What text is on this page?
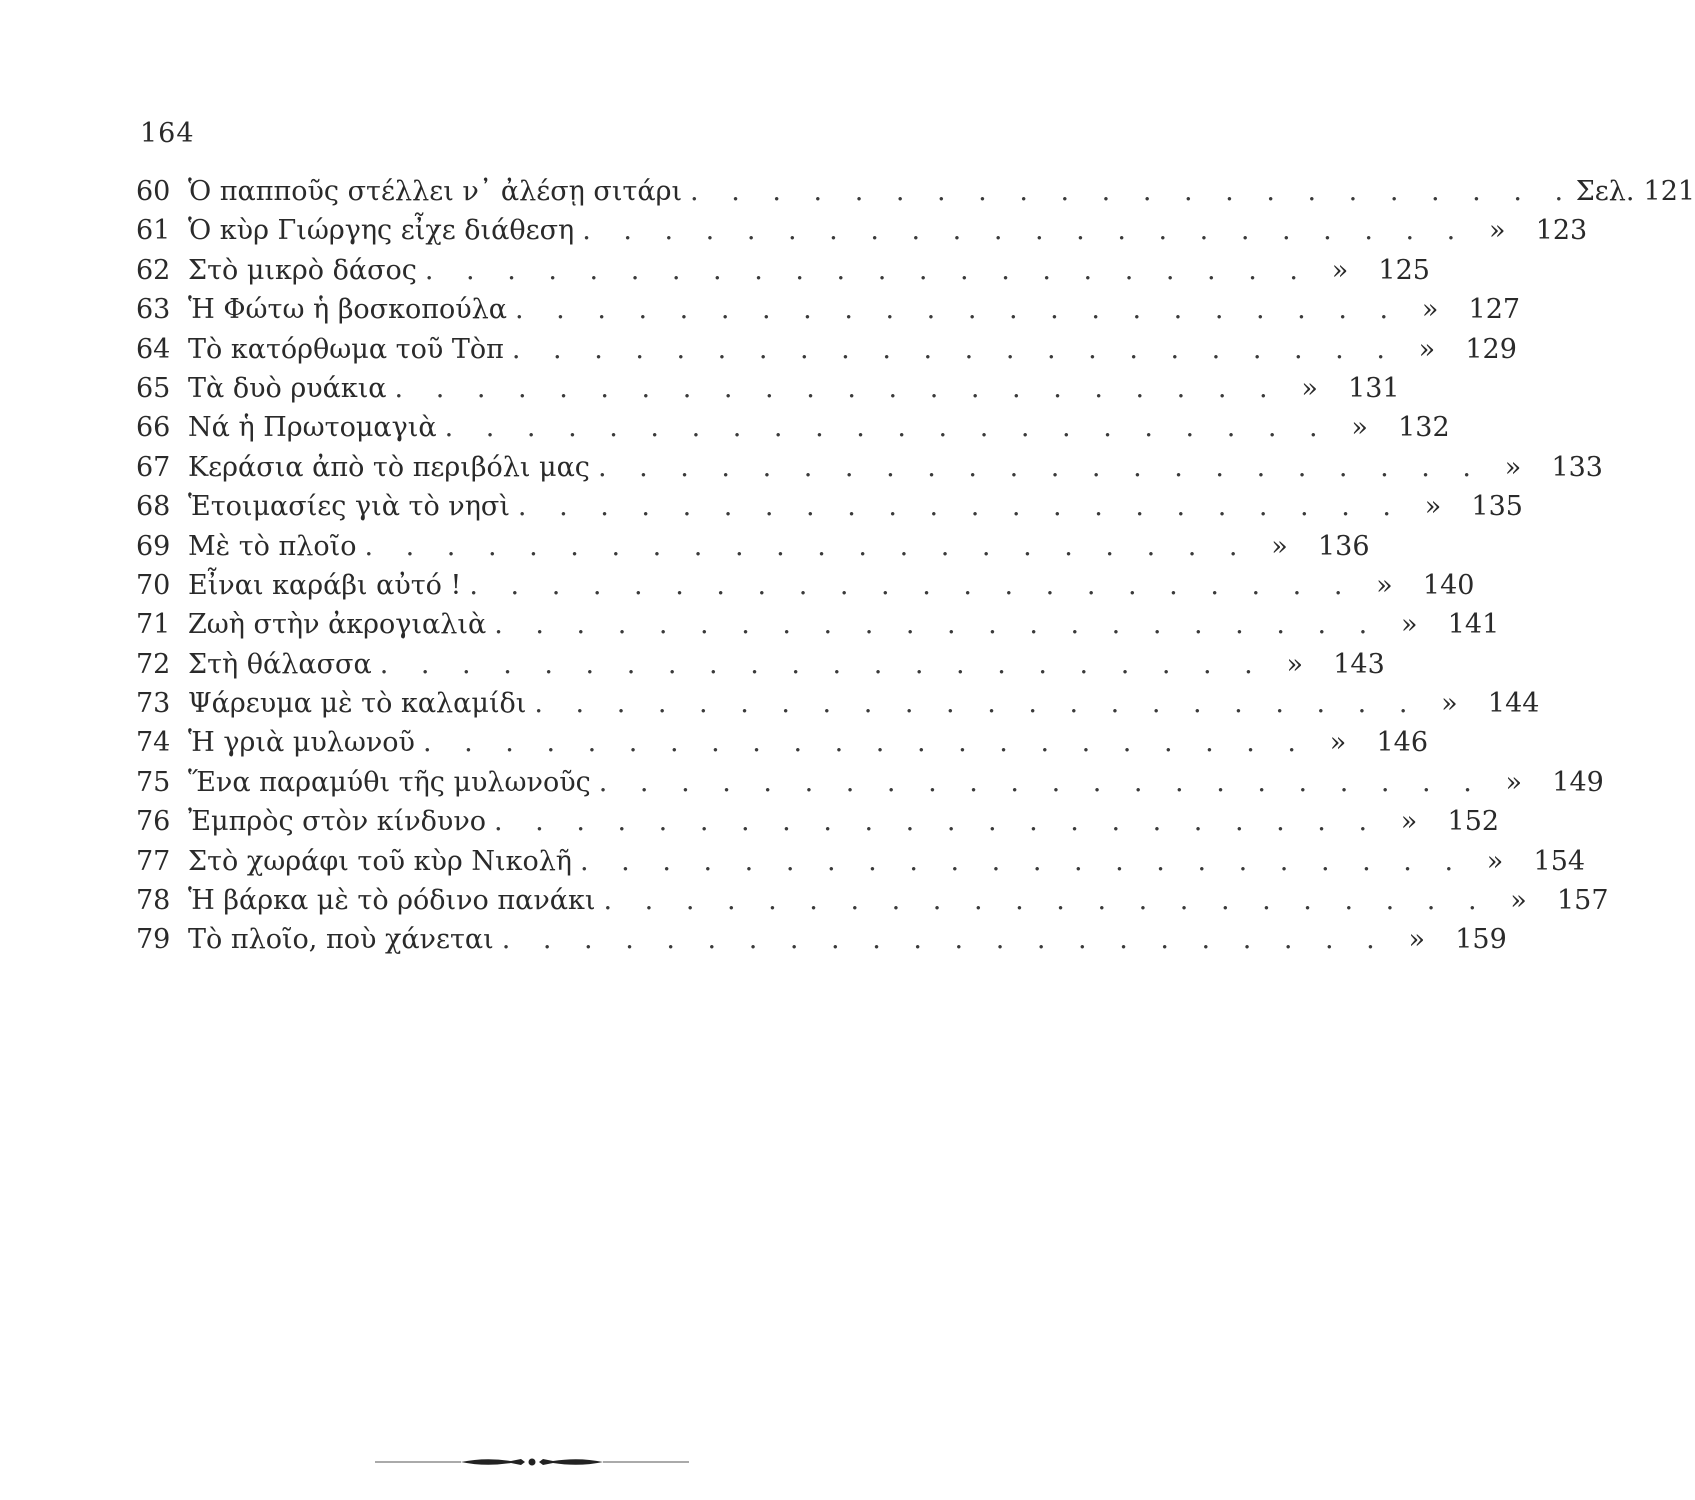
164
60 Ὁ παπποῦς στέλλει ν᾽ ἀλέσῃ σιτάρι . . . . . . . . . . . . . . . . . . . . . . Σελ. 121
61 Ὁ κὺρ Γιώργης εἶχε διάθεση . . . . . . . . . . . . . . . . . . . . . . »	123
62 Στὸ μικρὸ δάσος . . . . . . . . . . . . . . . . . . . . . . »	125
63 Ἡ Φώτω ἡ βοσκοπούλα . . . . . . . . . . . . . . . . . . . . . . »	127
64 Τὸ κατόρθωμα τοῦ Τὸπ . . . . . . . . . . . . . . . . . . . . . . »	129
65 Τὰ δυὸ ρυάκια . . . . . . . . . . . . . . . . . . . . . . »	131
66 Νά ἡ Πρωτομαγιὰ . . . . . . . . . . . . . . . . . . . . . . »	132
67 Κεράσια ἀπὸ τὸ περιβόλι μας . . . . . . . . . . . . . . . . . . . . . . »	133
68 Ἑτοιμασίες γιὰ τὸ νησὶ . . . . . . . . . . . . . . . . . . . . . . »	135
69 Μὲ τὸ πλοῖο . . . . . . . . . . . . . . . . . . . . . . »	136
70 Εἶναι καράβι αὐτό ! . . . . . . . . . . . . . . . . . . . . . . »	140
71 Ζωὴ στὴν ἀκρογιαλιὰ . . . . . . . . . . . . . . . . . . . . . . »	141
72 Στὴ θάλασσα . . . . . . . . . . . . . . . . . . . . . . »	143
73 Ψάρευμα μὲ τὸ καλαμίδι . . . . . . . . . . . . . . . . . . . . . . »	144
74 Ἡ γριὰ μυλωνοῦ . . . . . . . . . . . . . . . . . . . . . . »	146
75 Ἕνα παραμύθι τῆς μυλωνοῦς . . . . . . . . . . . . . . . . . . . . . . »	149
76 Ἐμπρὸς στὸν κίνδυνο . . . . . . . . . . . . . . . . . . . . . . »	152
77 Στὸ χωράφι τοῦ κὺρ Νικολῆ . . . . . . . . . . . . . . . . . . . . . . »	154
78 Ἡ βάρκα μὲ τὸ ρόδινο πανάκι . . . . . . . . . . . . . . . . . . . . . . »	157
79 Τὸ πλοῖο, ποὺ χάνεται . . . . . . . . . . . . . . . . . . . . . . »	159
